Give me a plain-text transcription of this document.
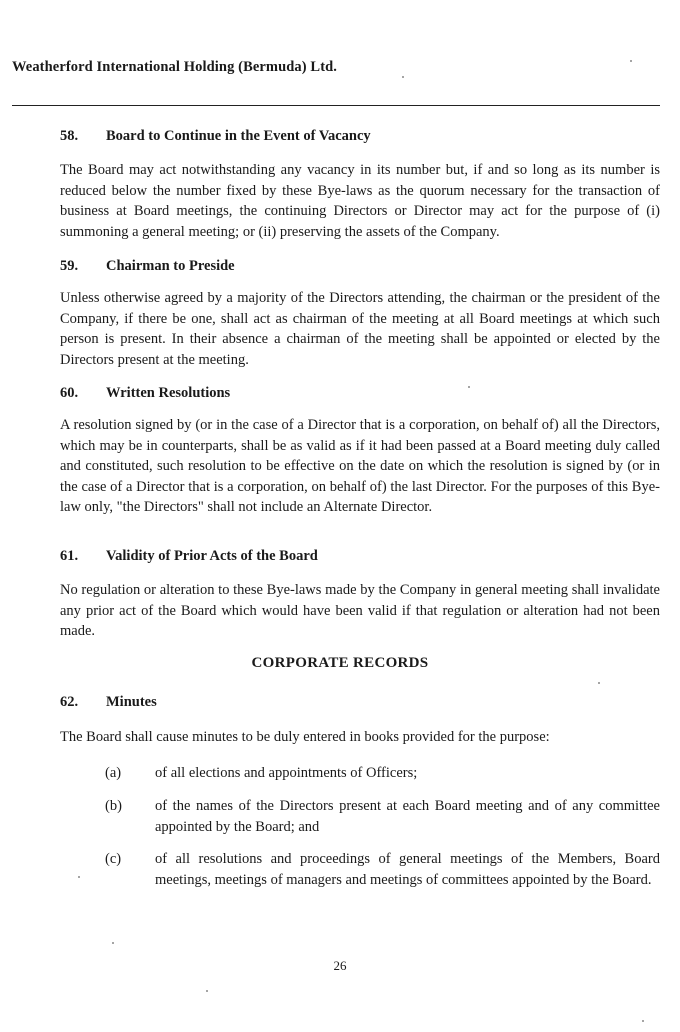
Weatherford International Holding (Bermuda) Ltd.
58. Board to Continue in the Event of Vacancy
The Board may act notwithstanding any vacancy in its number but, if and so long as its number is reduced below the number fixed by these Bye-laws as the quorum necessary for the transaction of business at Board meetings, the continuing Directors or Director may act for the purpose of (i) summoning a general meeting; or (ii) preserving the assets of the Company.
59. Chairman to Preside
Unless otherwise agreed by a majority of the Directors attending, the chairman or the president of the Company, if there be one, shall act as chairman of the meeting at all Board meetings at which such person is present. In their absence a chairman of the meeting shall be appointed or elected by the Directors present at the meeting.
60. Written Resolutions
A resolution signed by (or in the case of a Director that is a corporation, on behalf of) all the Directors, which may be in counterparts, shall be as valid as if it had been passed at a Board meeting duly called and constituted, such resolution to be effective on the date on which the resolution is signed by (or in the case of a Director that is a corporation, on behalf of) the last Director. For the purposes of this Bye-law only, "the Directors" shall not include an Alternate Director.
61. Validity of Prior Acts of the Board
No regulation or alteration to these Bye-laws made by the Company in general meeting shall invalidate any prior act of the Board which would have been valid if that regulation or alteration had not been made.
CORPORATE RECORDS
62. Minutes
The Board shall cause minutes to be duly entered in books provided for the purpose:
(a)	of all elections and appointments of Officers;
(b)	of the names of the Directors present at each Board meeting and of any committee appointed by the Board; and
(c)	of all resolutions and proceedings of general meetings of the Members, Board meetings, meetings of managers and meetings of committees appointed by the Board.
26
